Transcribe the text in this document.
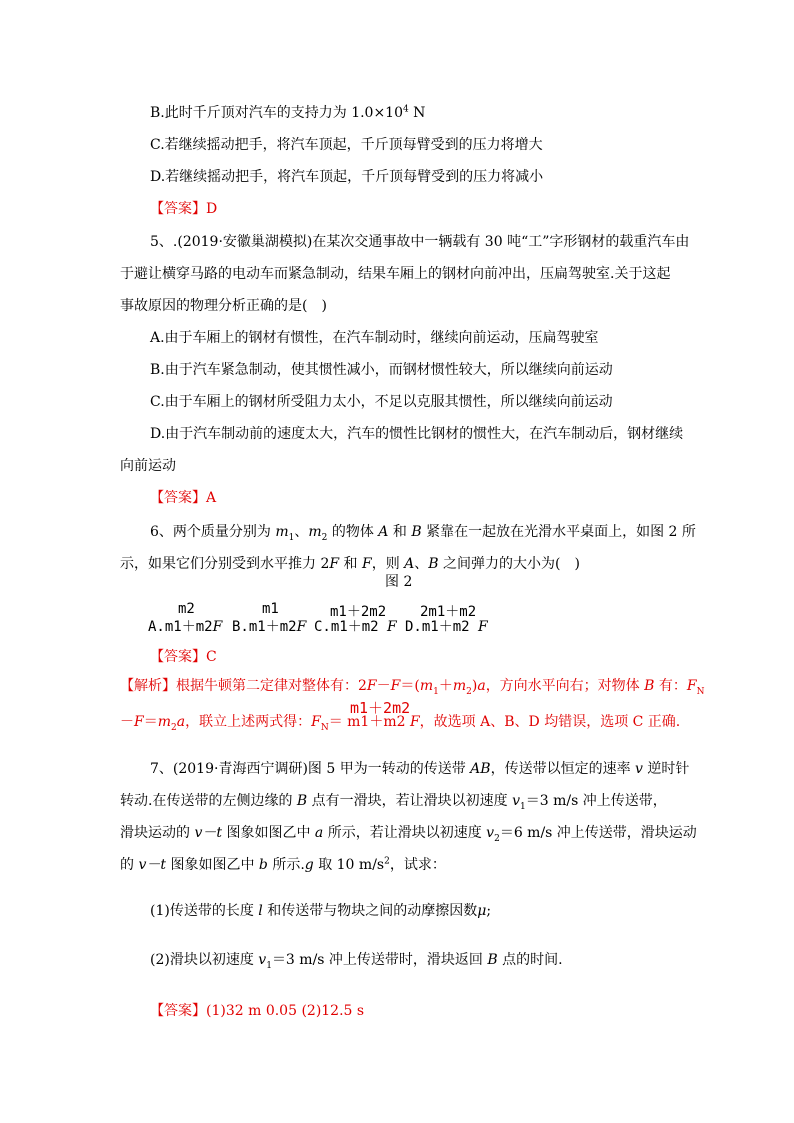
B.此时千斤顶对汽车的支持力为 $1.0\times 10^4$ N
C.若继续摇动把手，将汽车顶起，千斤顶每臂受到的压力将增大
D.若继续摇动把手，将汽车顶起，千斤顶每臂受到的压力将减小
【答案】D
5、.(2019·安徽巢湖模拟)在某次交通事故中一辆载有 30 吨“工”字形钢材的载重汽车由
于避让横穿马路的电动车而紧急制动，结果车厢上的钢材向前冲出，压扁驾驶室.关于这起
事故原因的物理分析正确的是(　)
A.由于车厢上的钢材有惯性，在汽车制动时，继续向前运动，压扁驾驶室
B.由于汽车紧急制动，使其惯性减小，而钢材惯性较大，所以继续向前运动
C.由于车厢上的钢材所受阻力太小，不足以克服其惯性，所以继续向前运动
D.由于汽车制动前的速度太大，汽车的惯性比钢材的惯性大，在汽车制动后，钢材继续
向前运动
【答案】A
6、两个质量分别为 $m_1$、$m_2$ 的物体 A 和 B 紧靠在一起放在光滑水平桌面上，如图 2 所
示，如果它们分别受到水平推力 2F 和 F，则 A、B 之间弹力的大小为(　)
图 2
m2
A.m1＋m2F
m1
B.m1＋m2F
m1＋2m2
C.m1＋m2 F
2m1＋m2
D.m1＋m2 F
【答案】C
【解析】根据牛顿第二定律对整体有：$2F-F=(m_1+m_2)a$，方向水平向右；对物体 B 有：$F_N$
m1＋2m2
$-F=m_2a$，联立上述两式得：$F_N= m1+m2$ F，故选项 A、B、D 均错误，选项 C 正确.
7、(2019·青海西宁调研)图 5 甲为一转动的传送带 AB，传送带以恒定的速率 v 逆时针
转动.在传送带的左侧边缘的 B 点有一滑块，若让滑块以初速度 $v_1=3$ m/s 冲上传送带，
滑块运动的 v－t 图象如图乙中 a 所示，若让滑块以初速度 $v_2=6$ m/s 冲上传送带，滑块运动
的 v－t 图象如图乙中 b 所示.g 取 10 $m/s^2$，试求：
(1)传送带的长度 l 和传送带与物块之间的动摩擦因数μ;
(2)滑块以初速度 $v_1=3$ m/s 冲上传送带时，滑块返回 B 点的时间.
【答案】(1)32 m 0.05 (2)12.5 s
